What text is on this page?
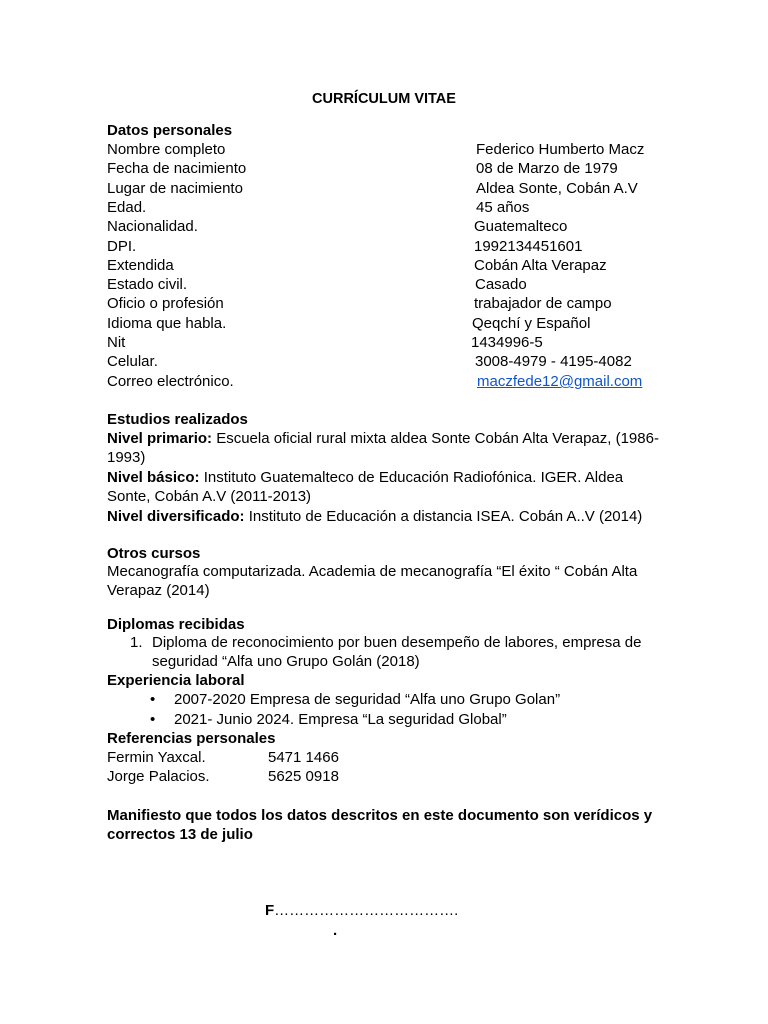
CURRÍCULUM VITAE
Datos personales
Nombre completo	Federico Humberto Macz
Fecha de nacimiento	08 de Marzo de 1979
Lugar de nacimiento	Aldea Sonte, Cobán A.V
Edad.	45 años
Nacionalidad.	Guatemalteco
DPI.	1992134451601
Extendida	Cobán Alta Verapaz
Estado civil.	Casado
Oficio o profesión	trabajador de campo
Idioma que habla.	Qeqchí y Español
Nit	1434996-5
Celular.	3008-4979 - 4195-4082
Correo electrónico.	maczfede12@gmail.com
Estudios realizados
Nivel primario: Escuela oficial rural mixta aldea Sonte Cobán Alta Verapaz, (1986-1993)
Nivel básico: Instituto Guatemalteco de Educación Radiofónica. IGER. Aldea Sonte, Cobán A.V (2011-2013)
Nivel diversificado: Instituto de Educación a distancia ISEA. Cobán A..V (2014)
Otros cursos
Mecanografía computarizada. Academia de mecanografía “El éxito “ Cobán Alta Verapaz (2014)
Diplomas recibidas
1. Diploma de reconocimiento por buen desempeño de labores, empresa de seguridad “Alfa uno Grupo Golán (2018)
Experiencia laboral
• 2007-2020 Empresa de seguridad “Alfa uno Grupo Golan”
• 2021- Junio 2024. Empresa “La seguridad Global”
Referencias personales
Fermin Yaxcal.	5471 1466
Jorge Palacios.	5625 0918
Manifiesto que todos los datos descritos en este documento son verídicos y correctos 13 de julio
F……………………………….
.
